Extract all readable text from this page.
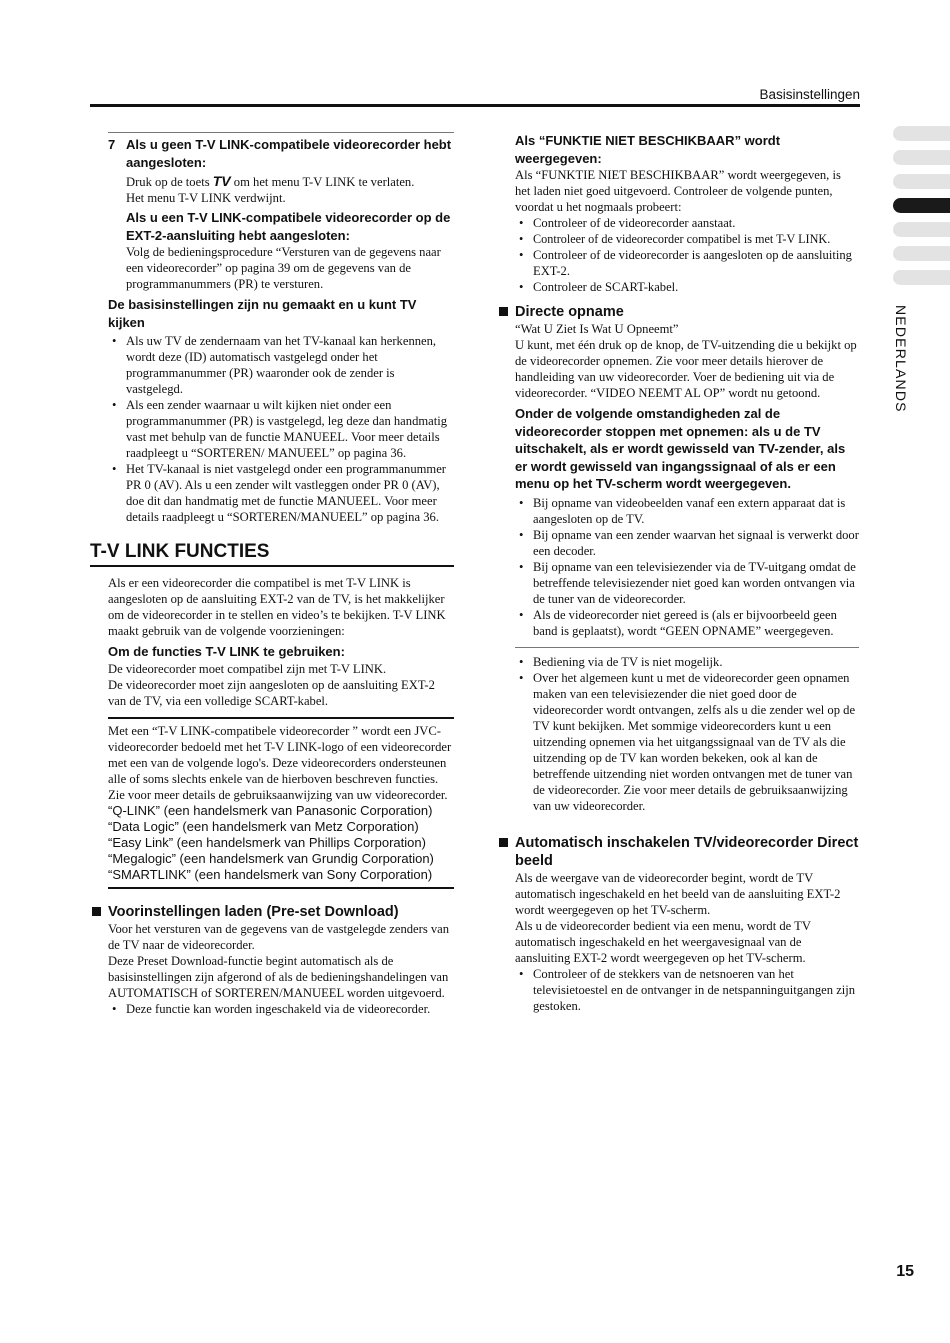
Basisinstellingen
7 Als u geen T-V LINK-compatibele videorecorder hebt aangesloten:

Druk op de toets TV om het menu T-V LINK te verlaten.

Het menu T-V LINK verdwijnt.

Als u een T-V LINK-compatibele videorecorder op de EXT-2-aansluiting hebt aangesloten:

Volg de bedieningsprocedure “Versturen van de gegevens naar een videorecorder” op pagina 39 om de gegevens van de programmanummers (PR) te versturen.

De basisinstellingen zijn nu gemaakt en u kunt TV kijken

• Als uw TV de zendernaam van het TV-kanaal kan herkennen, wordt deze (ID) automatisch vastgelegd onder het programmanummer (PR) waaronder ook de zender is vastgelegd.
• Als een zender waarnaar u wilt kijken niet onder een programmanummer (PR) is vastgelegd, leg deze dan handmatig vast met behulp van de functie MANUEEL. Voor meer details raadpleegt u “SORTEREN/ MANUEEL” op pagina 36.
• Het TV-kanaal is niet vastgelegd onder een programmanummer PR 0 (AV). Als u een zender wilt vastleggen onder PR 0 (AV), doe dit dan handmatig met de functie MANUEEL. Voor meer details raadpleegt u “SORTEREN/MANUEEL” op pagina 36.
T-V LINK FUNCTIES

Als er een videorecorder die compatibel is met T-V LINK is aangesloten op de aansluiting EXT-2 van de TV, is het makkelijker om de videorecorder in te stellen en video’s te bekijken. T-V LINK maakt gebruik van de volgende voorzieningen:

Om de functies T-V LINK te gebruiken:

De videorecorder moet compatibel zijn met T-V LINK.

De videorecorder moet zijn aangesloten op de aansluiting EXT-2 van de TV, via een volledige SCART-kabel.

Met een “T-V LINK-compatibele videorecorder ” wordt een JVC-videorecorder bedoeld met het T-V LINK-logo of een videorecorder met een van de volgende logo's. Deze videorecorders ondersteunen alle of soms slechts enkele van de hierboven beschreven functies. Zie voor meer details de gebruiksaanwijzing van uw videorecorder.

“Q-LINK” (een handelsmerk van Panasonic Corporation)

“Data Logic” (een handelsmerk van Metz Corporation)

“Easy Link” (een handelsmerk van Phillips Corporation)

“Megalogic” (een handelsmerk van Grundig Corporation)

“SMARTLINK” (een handelsmerk van Sony Corporation)

Voorinstellingen laden (Pre-set Download)

Voor het versturen van de gegevens van de vastgelegde zenders van de TV naar de videorecorder.

Deze Preset Download-functie begint automatisch als de basisinstellingen zijn afgerond of als de bedieningshandelingen van AUTOMATISCH of SORTEREN/MANUEEL worden uitgevoerd.

• Deze functie kan worden ingeschakeld via de videorecorder.

Als “FUNKTIE NIET BESCHIKBAAR” wordt weergegeven:

Als “FUNKTIE NIET BESCHIKBAAR” wordt weergegeven, is het laden niet goed uitgevoerd. Controleer de volgende punten, voordat u het nogmaals probeert:

• Controleer of de videorecorder aanstaat.
• Controleer of de videorecorder compatibel is met T-V LINK.
• Controleer of de videorecorder is aangesloten op de aansluiting EXT-2.
• Controleer de SCART-kabel.
Directe opname

“Wat U Ziet Is Wat U Opneemt”

U kunt, met één druk op de knop, de TV-uitzending die u bekijkt op de videorecorder opnemen. Zie voor meer details hierover de handleiding van uw videorecorder. Voer de bediening uit via de videorecorder. “VIDEO NEEMT AL OP” wordt nu getoond.

Onder de volgende omstandigheden zal de videorecorder stoppen met opnemen: als u de TV uitschakelt, als er wordt gewisseld van TV-zender, als er wordt gewisseld van ingangssignaal of als er een menu op het TV-scherm wordt weergegeven.

• Bij opname van videobeelden vanaf een extern apparaat dat is aangesloten op de TV.
• Bij opname van een zender waarvan het signaal is verwerkt door een decoder.
• Bij opname van een televisiezender via de TV-uitgang omdat de betreffende televisiezender niet goed kan worden ontvangen via de tuner van de videorecorder.
• Als de videorecorder niet gereed is (als er bijvoorbeeld geen band is geplaatst), wordt “GEEN OPNAME” weergegeven.
• Bediening via de TV is niet mogelijk.
• Over het algemeen kunt u met de videorecorder geen opnamen maken van een televisiezender die niet goed door de videorecorder wordt ontvangen, zelfs als u die zender wel op de TV kunt bekijken. Met sommige videorecorders kunt u een uitzending opnemen via het uitgangssignaal van de TV als die uitzending op de TV kan worden bekeken, ook al kan de betreffende uitzending niet worden ontvangen met de tuner van de videorecorder. Zie voor meer details de gebruiksaanwijzing van uw videorecorder.
Automatisch inschakelen TV/videorecorder Direct beeld

Als de weergave van de videorecorder begint, wordt de TV automatisch ingeschakeld en het beeld van de aansluiting EXT-2 wordt weergegeven op het TV-scherm.

Als u de videorecorder bedient via een menu, wordt de TV automatisch ingeschakeld en het weergavesignaal van de aansluiting EXT-2 wordt weergegeven op het TV-scherm.

• Controleer of de stekkers van de netsnoeren van het televisietoestel en de ontvanger in de netspanninguitgangen zijn gestoken.
NEDERLANDS
15
